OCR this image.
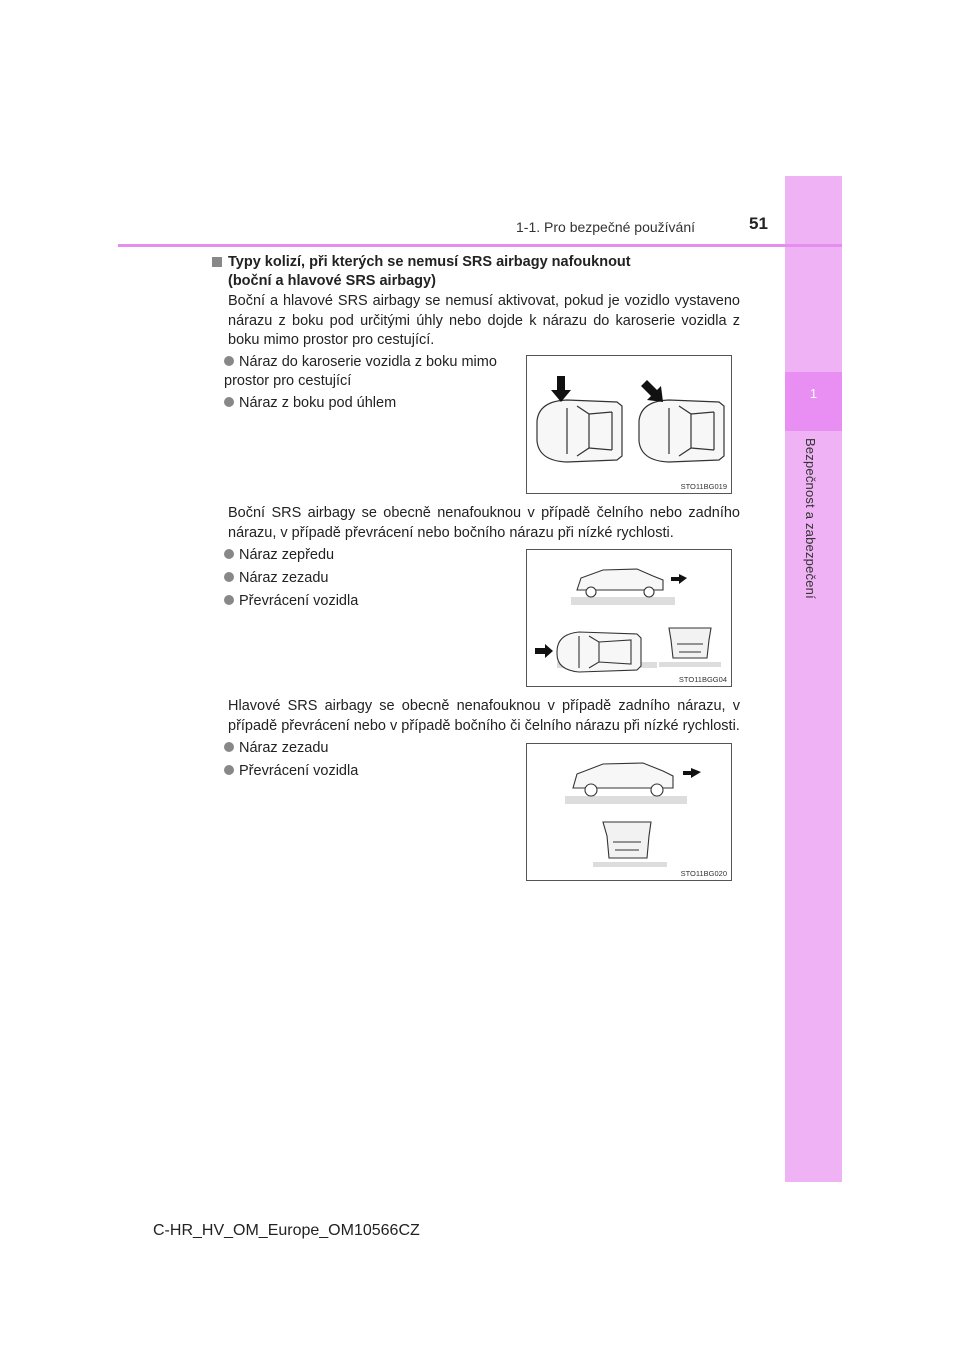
1
Bezpečnost a zabezpečení
1-1. Pro bezpečné používání	51
Typy kolizí, při kterých se nemusí SRS airbagy nafouknout
(boční a hlavové SRS airbagy)
Boční a hlavové SRS airbagy se nemusí aktivovat, pokud je vozidlo vystaveno nárazu z boku pod určitými úhly nebo dojde k nárazu do karoserie vozidla z boku mimo prostor pro cestující.
Náraz do karoserie vozidla z boku mimo prostor pro cestující
Náraz z boku pod úhlem
STO11BG019
Boční SRS airbagy se obecně nenafouknou v případě čelního nebo zadního nárazu, v případě převrácení nebo bočního nárazu při nízké rychlosti.
Náraz zepředu
Náraz zezadu
Převrácení vozidla
STO11BGG04
Hlavové SRS airbagy se obecně nenafouknou v případě zadního nárazu, v případě převrácení nebo v případě bočního či čelního nárazu při nízké rychlosti.
Náraz zezadu
Převrácení vozidla
STO11BG020
C-HR_HV_OM_Europe_OM10566CZ
